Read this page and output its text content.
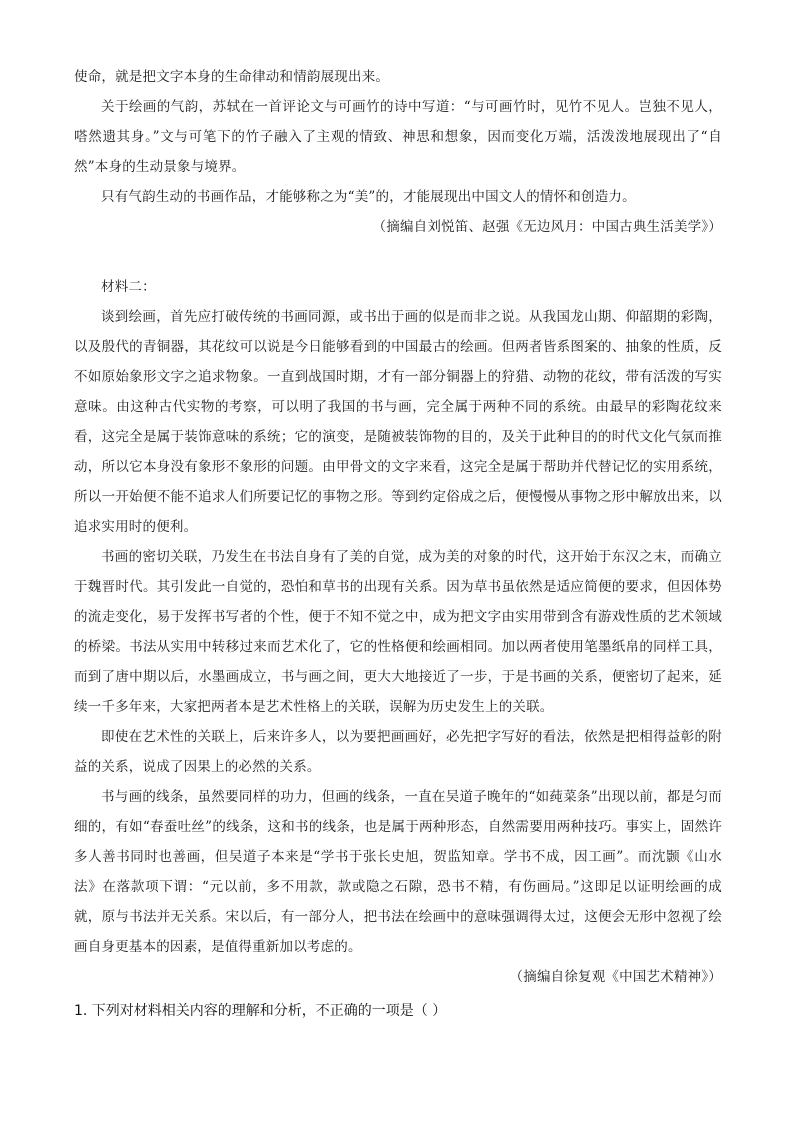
使命，就是把文字本身的生命律动和情韵展现出来。

关于绘画的气韵，苏轼在一首评论文与可画竹的诗中写道：“与可画竹时，见竹不见人。岂独不见人，嗒然遗其身。”文与可笔下的竹子融入了主观的情致、神思和想象，因而变化万端，活泼泼地展现出了“自然”本身的生动景象与境界。

只有气韵生动的书画作品，才能够称之为“美”的，才能展现出中国文人的情怀和创造力。

（摘编自刘悦笛、赵强《无边风月：中国古典生活美学》）

材料二：

谈到绘画，首先应打破传统的书画同源，或书出于画的似是而非之说。从我国龙山期、仰韶期的彩陶，以及殷代的青铜器，其花纹可以说是今日能够看到的中国最古的绘画。但两者皆系图案的、抽象的性质，反不如原始象形文字之追求物象。一直到战国时期，才有一部分铜器上的狩猎、动物的花纹，带有活泼的写实意味。由这种古代实物的考察，可以明了我国的书与画，完全属于两种不同的系统。由最早的彩陶花纹来看，这完全是属于装饰意味的系统；它的演变，是随被装饰物的目的，及关于此种目的的时代文化气氛而推动，所以它本身没有象形不象形的问题。由甲骨文的文字来看，这完全是属于帮助并代替记忆的实用系统，所以一开始便不能不追求人们所要记忆的事物之形。等到约定俗成之后，便慢慢从事物之形中解放出来，以追求实用时的便利。

书画的密切关联，乃发生在书法自身有了美的自觉，成为美的对象的时代，这开始于东汉之末，而确立于魏晋时代。其引发此一自觉的，恐怕和草书的出现有关系。因为草书虽依然是适应简便的要求，但因体势的流走变化，易于发挥书写者的个性，便于不知不觉之中，成为把文字由实用带到含有游戏性质的艺术领域的桥梁。书法从实用中转移过来而艺术化了，它的性格便和绘画相同。加以两者使用笔墨纸帛的同样工具，而到了唐中期以后，水墨画成立，书与画之间，更大大地接近了一步，于是书画的关系，便密切了起来，延续一千多年来，大家把两者本是艺术性格上的关联，误解为历史发生上的关联。

即使在艺术性的关联上，后来许多人，以为要把画画好，必先把字写好的看法，依然是把相得益彰的附益的关系，说成了因果上的必然的关系。

书与画的线条，虽然要同样的功力，但画的线条，一直在吴道子晚年的“如莼菜条”出现以前，都是匀而细的，有如“春蚕吐丝”的线条，这和书的线条，也是属于两种形态，自然需要用两种技巧。事实上，固然许多人善书同时也善画，但吴道子本来是“学书于张长史旭，贺监知章。学书不成，因工画”。而沈颢《山水法》在落款项下谓：“元以前，多不用款，款或隐之石隙，恐书不精，有伤画局。”这即足以证明绘画的成就，原与书法并无关系。宋以后，有一部分人，把书法在绘画中的意味强调得太过，这便会无形中忽视了绘画自身更基本的因素，是值得重新加以考虑的。

（摘编自徐复观《中国艺术精神》）

1. 下列对材料相关内容的理解和分析，不正确的一项是（ ）
